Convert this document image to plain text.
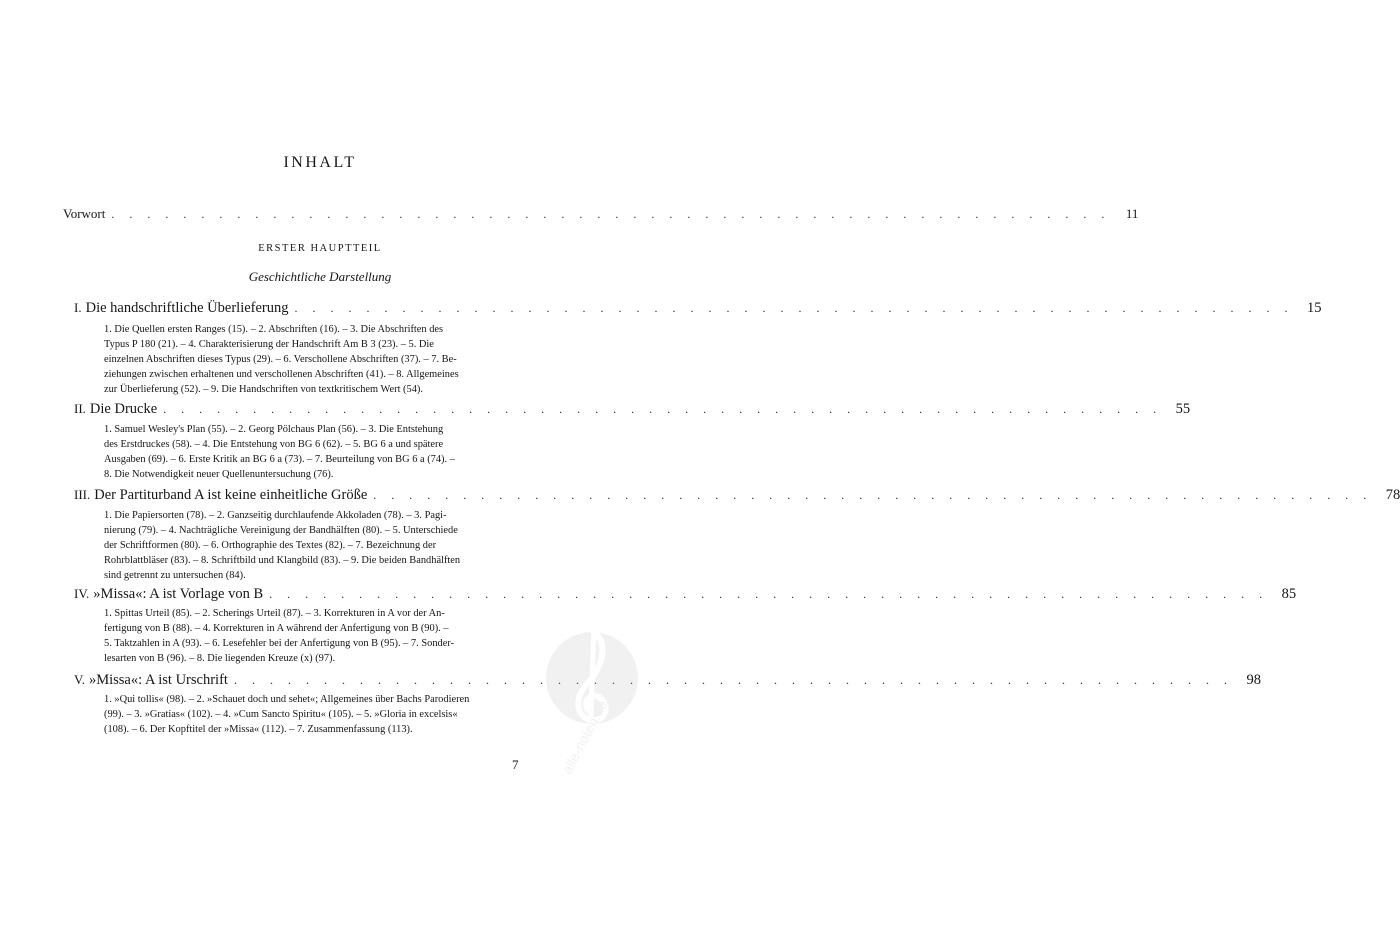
INHALT
Vorwort . . . . . . . . . . . . . . . . . . . . . . . . . . . . . . . . . . . . . . . . . . . . . . . . . . . . . . . .	11
ERSTER HAUPTTEIL
Geschichtliche Darstellung
I. Die handschriftliche Überlieferung . . . . . . . . . . . . . . . . . . . . . . . . . . . . . . . . . . . . . . . . . . . . . . . . . . . . . . . . 15
1. Die Quellen ersten Ranges (15). – 2. Abschriften (16). – 3. Die Abschriften des
Typus P 180 (21). – 4. Charakterisierung der Handschrift Am B 3 (23). – 5. Die
einzelnen Abschriften dieses Typus (29). – 6. Verschollene Abschriften (37). – 7. Be-
ziehungen zwischen erhaltenen und verschollenen Abschriften (41). – 8. Allgemeines
zur Überlieferung (52). – 9. Die Handschriften von textkritischem Wert (54).
II. Die Drucke . . . . . . . . . . . . . . . . . . . . . . . . . . . . . . . . . . . . . . . . . . . . . . . . . . . . . . . . 55
1. Samuel Wesley's Plan (55). – 2. Georg Pölchaus Plan (56). – 3. Die Entstehung
des Erstdruckes (58). – 4. Die Entstehung von BG 6 (62). – 5. BG 6 a und spätere
Ausgaben (69). – 6. Erste Kritik an BG 6 a (73). – 7. Beurteilung von BG 6 a (74). –
8. Die Notwendigkeit neuer Quellenuntersuchung (76).
III. Der Partiturband A ist keine einheitliche Größe . . . . . . . . . . . . . . . . . . . . . . . . . . . . . . . . . . . . . . . . . . . . . . . . . . . . . . . . 78
1. Die Papiersorten (78). – 2. Ganzseitig durchlaufende Akkoladen (78). – 3. Pagi-
nierung (79). – 4. Nachträgliche Vereinigung der Bandhälften (80). – 5. Unterschiede
der Schriftformen (80). – 6. Orthographie des Textes (82). – 7. Bezeichnung der
Rohrblattbläser (83). – 8. Schriftbild und Klangbild (83). – 9. Die beiden Bandhälften
sind getrennt zu untersuchen (84).
IV. »Missa«: A ist Vorlage von B . . . . . . . . . . . . . . . . . . . . . . . . . . . . . . . . . . . . . . . . . . . . . . . . . . . . . . . . 85
1. Spittas Urteil (85). – 2. Scherings Urteil (87). – 3. Korrekturen in A vor der An-
fertigung von B (88). – 4. Korrekturen in A während der Anfertigung von B (90). –
5. Taktzahlen in A (93). – 6. Lesefehler bei der Anfertigung von B (95). – 7. Sonder-
lesarten von B (96). – 8. Die liegenden Kreuze (x) (97).
V. »Missa«: A ist Urschrift . . . . . . . . . . . . . . . . . . . . . . . . . . . . . . . . . . . . . . . . . . . . . . . . . . . . . . . . 98
1. »Qui tollis« (98). – 2. »Schauet doch und sehet«; Allgemeines über Bachs Parodieren
(99). – 3. »Gratias« (102). – 4. »Cum Sancto Spiritu« (105). – 5. »Gloria in excelsis«
(108). – 6. Der Kopftitel der »Missa« (112). – 7. Zusammenfassung (113).
7	alle-noten.de
